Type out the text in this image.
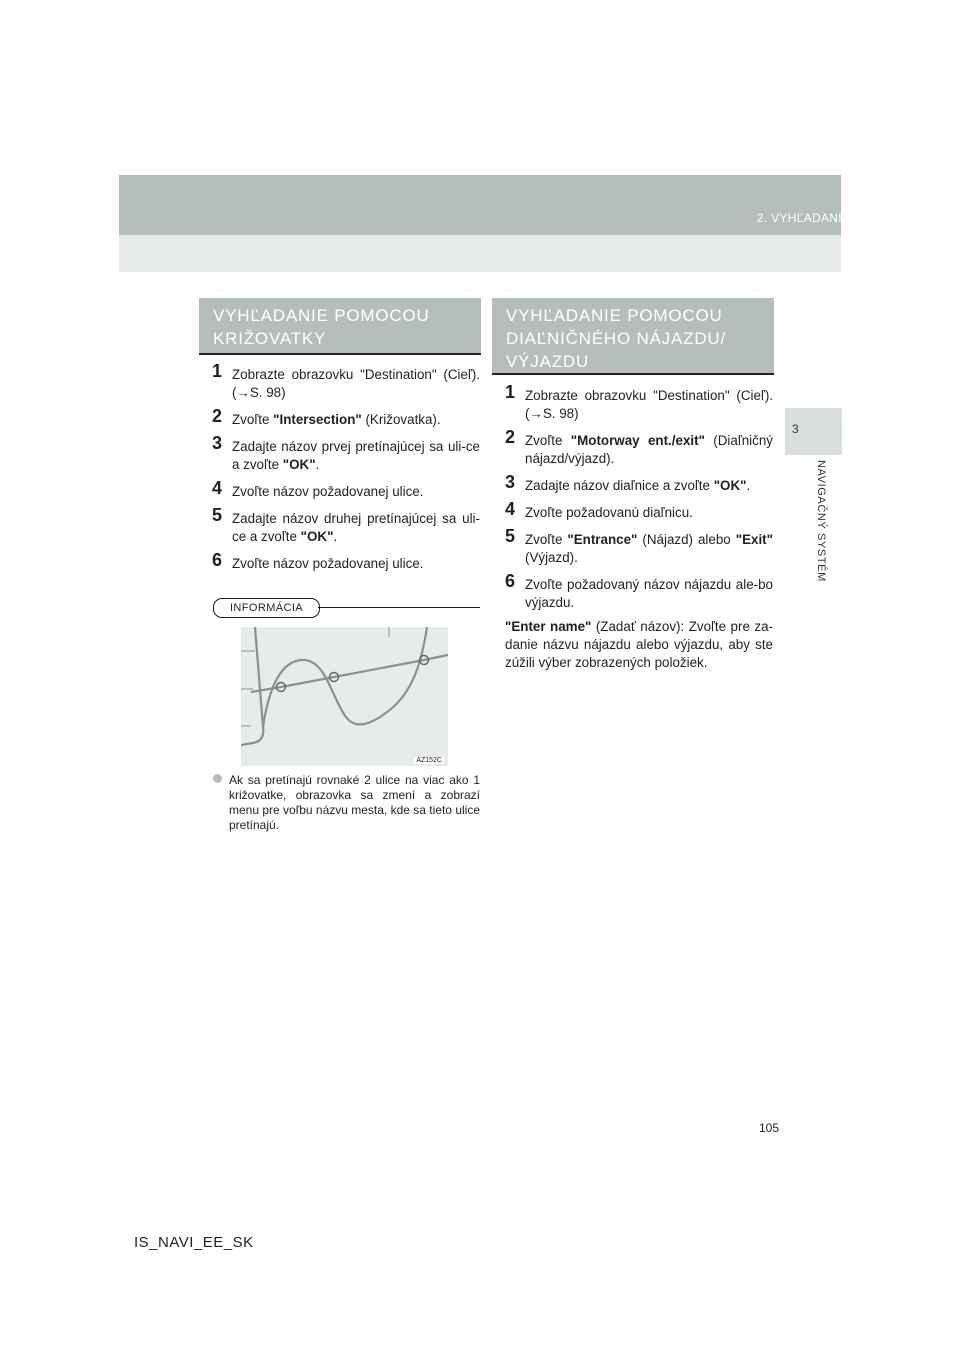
2. VYHĽADANIE CIEĽA
3
NAVIGAČNÝ SYSTÉM
VYHĽADANIE POMOCOU KRIŽOVATKY
1 Zobrazte obrazovku "Destination" (Cieľ). (→S. 98)
2 Zvoľte "Intersection" (Križovatka).
3 Zadajte názov prvej pretínajúcej sa uli-ce a zvoľte "OK".
4 Zvoľte názov požadovanej ulice.
5 Zadajte názov druhej pretínajúcej sa uli-ce a zvoľte "OK".
6 Zvoľte názov požadovanej ulice.
INFORMÁCIA
AZ152C
Ak sa pretínajú rovnaké 2 ulice na viac ako 1 križovatke, obrazovka sa zmení a zobrazí menu pre voľbu názvu mesta, kde sa tieto ulice pretínajú.
VYHĽADANIE POMOCOU DIAĽNIČNÉHO NÁJAZDU/ VÝJAZDU
1 Zobrazte obrazovku "Destination" (Cieľ). (→S. 98)
2 Zvoľte "Motorway ent./exit" (Diaľničný nájazd/výjazd).
3 Zadajte názov diaľnice a zvoľte "OK".
4 Zvoľte požadovanú diaľnicu.
5 Zvoľte "Entrance" (Nájazd) alebo "Exit" (Výjazd).
6 Zvoľte požadovaný názov nájazdu ale-bo výjazdu.
"Enter name" (Zadať názov): Zvoľte pre za-danie názvu nájazdu alebo výjazdu, aby ste zúžili výber zobrazených položiek.
105
IS_NAVI_EE_SK
